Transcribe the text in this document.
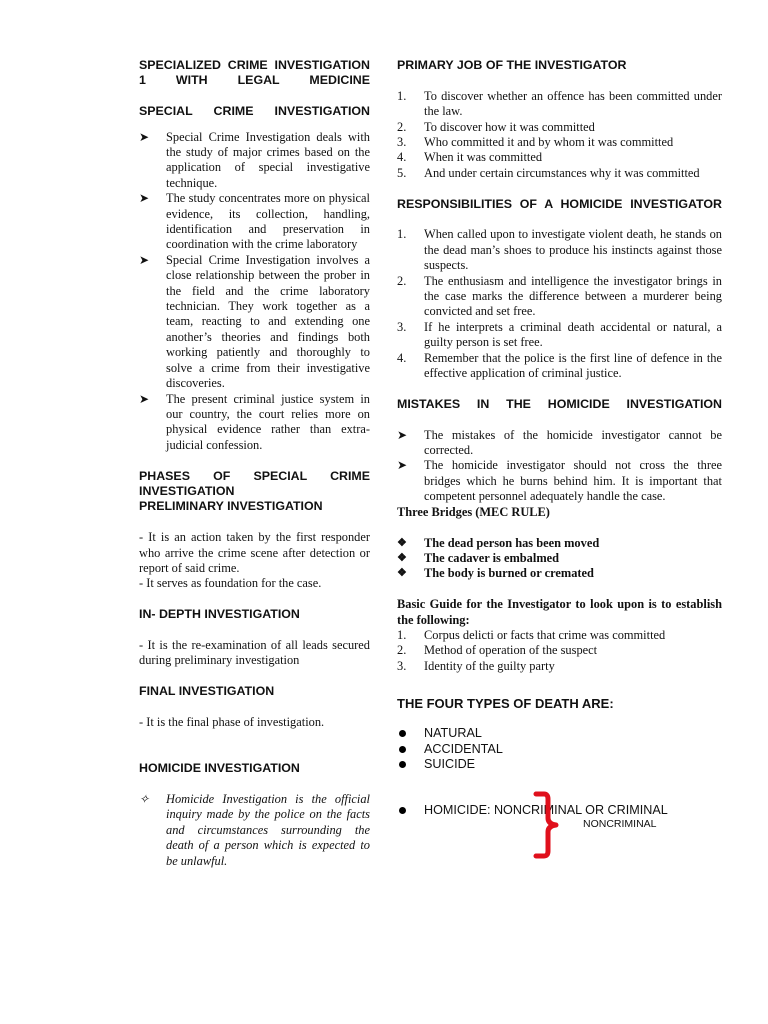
SPECIALIZED CRIME INVESTIGATION 1 WITH LEGAL MEDICINE

SPECIAL CRIME INVESTIGATION

➤ Special Crime Investigation deals with the study of major crimes based on the application of special investigative technique.
➤ The study concentrates more on physical evidence, its collection, handling, identification and preservation in coordination with the crime laboratory
➤ Special Crime Investigation involves a close relationship between the prober in the field and the crime laboratory technician. They work together as a team, reacting to and extending one another’s theories and findings both working patiently and thoroughly to solve a crime from their investigative discoveries.
➤ The present criminal justice system in our country, the court relies more on physical evidence rather than extra-judicial confession.

PHASES OF SPECIAL CRIME INVESTIGATION

PRELIMINARY INVESTIGATION

- It is an action taken by the first responder who arrive the crime scene after detection or report of said crime.

- It serves as foundation for the case.

IN- DEPTH INVESTIGATION

- It is the re-examination of all leads secured during preliminary investigation

FINAL INVESTIGATION

- It is the final phase of investigation.

HOMICIDE INVESTIGATION

✧ Homicide Investigation is the official inquiry made by the police on the facts and circumstances surrounding the death of a person which is expected to be unlawful.

PRIMARY JOB OF THE INVESTIGATOR

1. To discover whether an offence has been committed under the law.
2. To discover how it was committed
3. Who committed it and by whom it was committed
4. When it was committed
5. And under certain circumstances why it was committed

RESPONSIBILITIES OF A HOMICIDE INVESTIGATOR

1. When called upon to investigate violent death, he stands on the dead man’s shoes to produce his instincts against those suspects.
2. The enthusiasm and intelligence the investigator brings in the case marks the difference between a murderer being convicted and set free.
3. If he interprets a criminal death accidental or natural, a guilty person is set free.
4. Remember that the police is the first line of defence in the effective application of criminal justice.

MISTAKES IN THE HOMICIDE INVESTIGATION

➤ The mistakes of the homicide investigator cannot be corrected.
➤ The homicide investigator should not cross the three bridges which he burns behind him. It is important that competent personnel adequately handle the case.

Three Bridges (MEC RULE)

❖ The dead person has been moved
❖ The cadaver is embalmed
❖ The body is burned or cremated

Basic Guide for the Investigator to look upon is to establish the following:

1. Corpus delicti or facts that crime was committed
2. Method of operation of the suspect
3. Identity of the guilty party

THE FOUR TYPES OF DEATH ARE:

NATURAL
ACCIDENTAL
SUICIDE
HOMICIDE: NONCRIMINAL OR CRIMINAL
NONCRIMINAL
